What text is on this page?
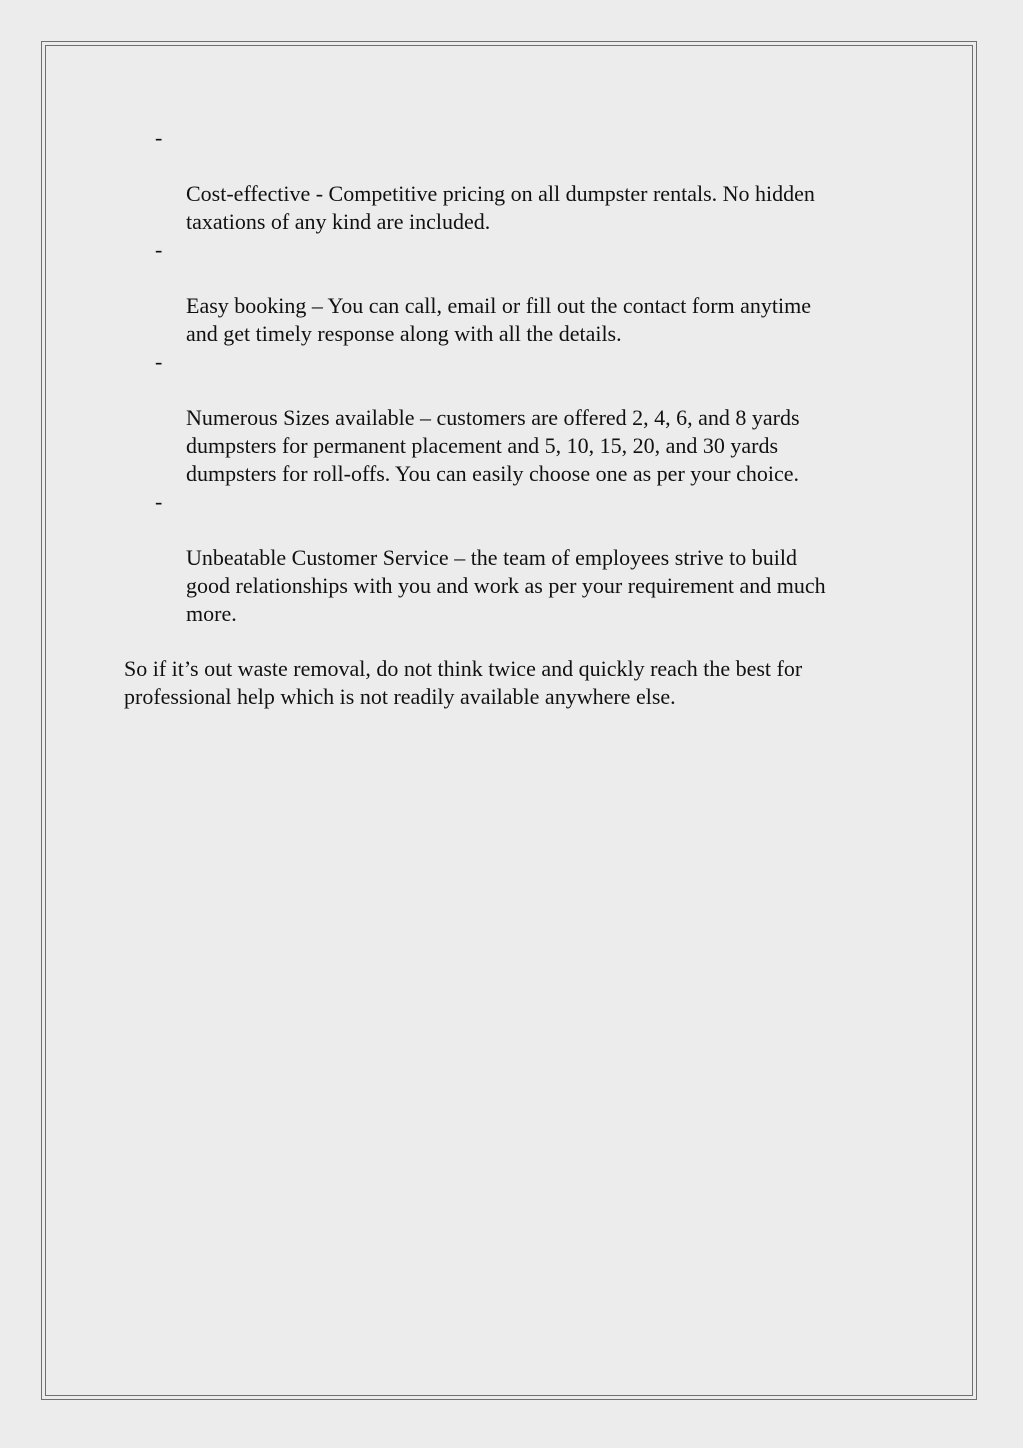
-

Cost-effective - Competitive pricing on all dumpster rentals. No hidden
taxations of any kind are included.

-

Easy booking – You can call, email or fill out the contact form anytime
and get timely response along with all the details.

-

Numerous Sizes available – customers are offered 2, 4, 6, and 8 yards
dumpsters for permanent placement and 5, 10, 15, 20, and 30 yards
dumpsters for roll-offs. You can easily choose one as per your choice.

-

Unbeatable Customer Service – the team of employees strive to build
good relationships with you and work as per your requirement and much
more.

So if it’s out waste removal, do not think twice and quickly reach the best for
professional help which is not readily available anywhere else.
